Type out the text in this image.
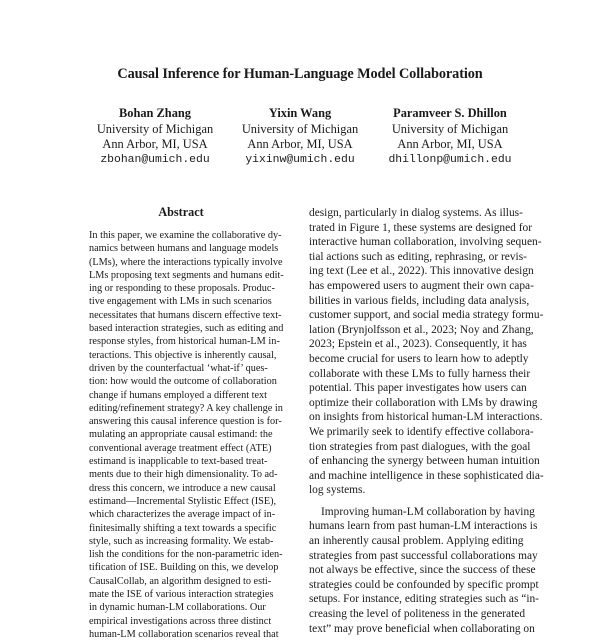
Causal Inference for Human-Language Model Collaboration
Bohan Zhang
University of Michigan
Ann Arbor, MI, USA
zbohan@umich.edu
Yixin Wang
University of Michigan
Ann Arbor, MI, USA
yixinw@umich.edu
Paramveer S. Dhillon
University of Michigan
Ann Arbor, MI, USA
dhillonp@umich.edu
Abstract
In this paper, we examine the collaborative dy-
namics between humans and language models
(LMs), where the interactions typically involve
LMs proposing text segments and humans edit-
ing or responding to these proposals. Produc-
tive engagement with LMs in such scenarios
necessitates that humans discern effective text-
based interaction strategies, such as editing and
response styles, from historical human-LM in-
teractions. This objective is inherently causal,
driven by the counterfactual ‘what-if’ ques-
tion: how would the outcome of collaboration
change if humans employed a different text
editing/refinement strategy? A key challenge in
answering this causal inference question is for-
mulating an appropriate causal estimand: the
conventional average treatment effect (ATE)
estimand is inapplicable to text-based treat-
ments due to their high dimensionality. To ad-
dress this concern, we introduce a new causal
estimand—Incremental Stylistic Effect (ISE),
which characterizes the average impact of in-
finitesimally shifting a text towards a specific
style, such as increasing formality. We estab-
lish the conditions for the non-parametric iden-
tification of ISE. Building on this, we develop
CausalCollab, an algorithm designed to esti-
mate the ISE of various interaction strategies
in dynamic human-LM collaborations. Our
empirical investigations across three distinct
human-LM collaboration scenarios reveal that
design, particularly in dialog systems. As illus-
trated in Figure 1, these systems are designed for
interactive human collaboration, involving sequen-
tial actions such as editing, rephrasing, or revis-
ing text (Lee et al., 2022). This innovative design
has empowered users to augment their own capa-
bilities in various fields, including data analysis,
customer support, and social media strategy formu-
lation (Brynjolfsson et al., 2023; Noy and Zhang,
2023; Epstein et al., 2023). Consequently, it has
become crucial for users to learn how to adeptly
collaborate with these LMs to fully harness their
potential. This paper investigates how users can
optimize their collaboration with LMs by drawing
on insights from historical human-LM interactions.
We primarily seek to identify effective collabora-
tion strategies from past dialogues, with the goal
of enhancing the synergy between human intuition
and machine intelligence in these sophisticated dia-
log systems.
Improving human-LM collaboration by having
humans learn from past human-LM interactions is
an inherently causal problem. Applying editing
strategies from past successful collaborations may
not always be effective, since the success of these
strategies could be confounded by specific prompt
setups. For instance, editing strategies such as “in-
creasing the level of politeness in the generated
text” may prove beneficial when collaborating on
